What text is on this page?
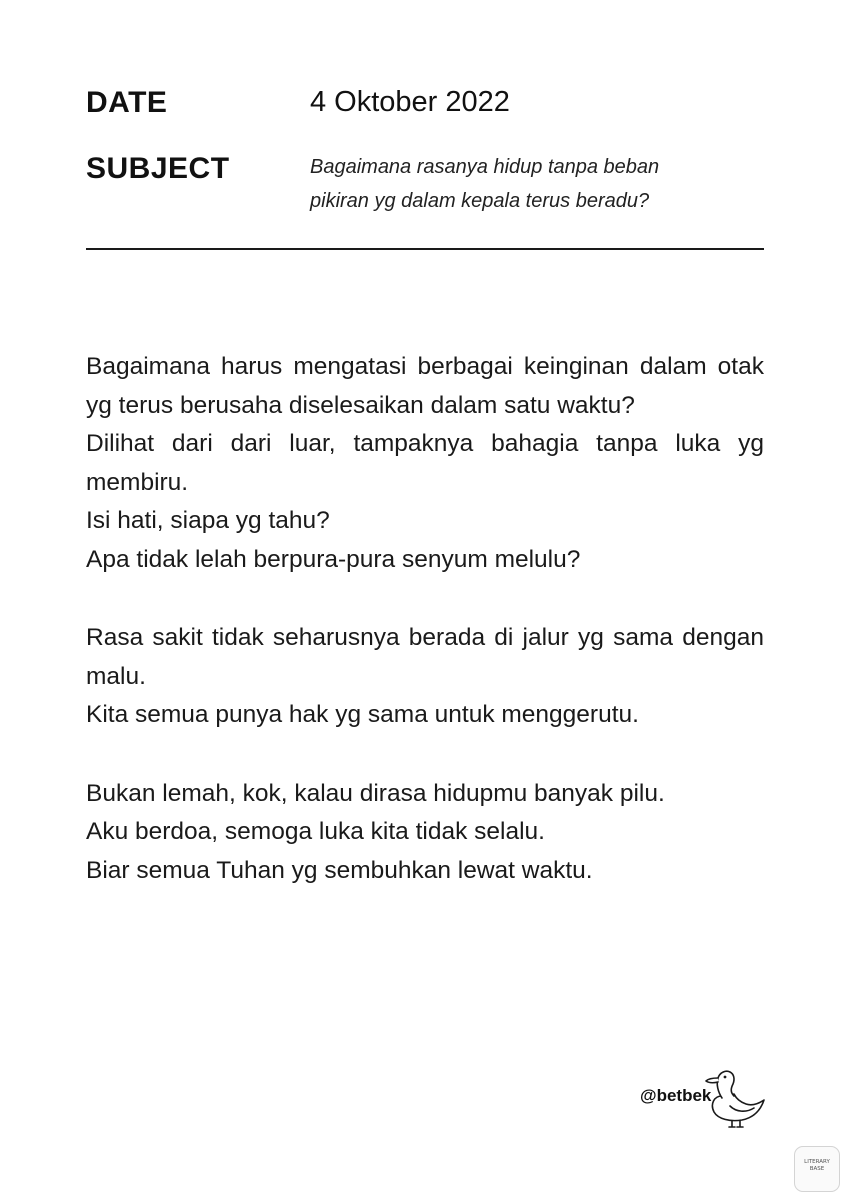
DATE	4 Oktober 2022
SUBJECT	Bagaimana rasanya hidup tanpa beban
pikiran yg dalam kepala terus beradu?
Bagaimana harus mengatasi berbagai keinginan dalam otak yg terus berusaha diselesaikan dalam satu waktu?
Dilihat dari dari luar, tampaknya bahagia tanpa luka yg membiru.
Isi hati, siapa yg tahu?
Apa tidak lelah berpura-pura senyum melulu?
Rasa sakit tidak seharusnya berada di jalur yg sama dengan malu.
Kita semua punya hak yg sama untuk menggerutu.
Bukan lemah, kok, kalau dirasa hidupmu banyak pilu.
Aku berdoa, semoga luka kita tidak selalu.
Biar semua Tuhan yg sembuhkan lewat waktu.
@betbek
LITERARY
BASE
